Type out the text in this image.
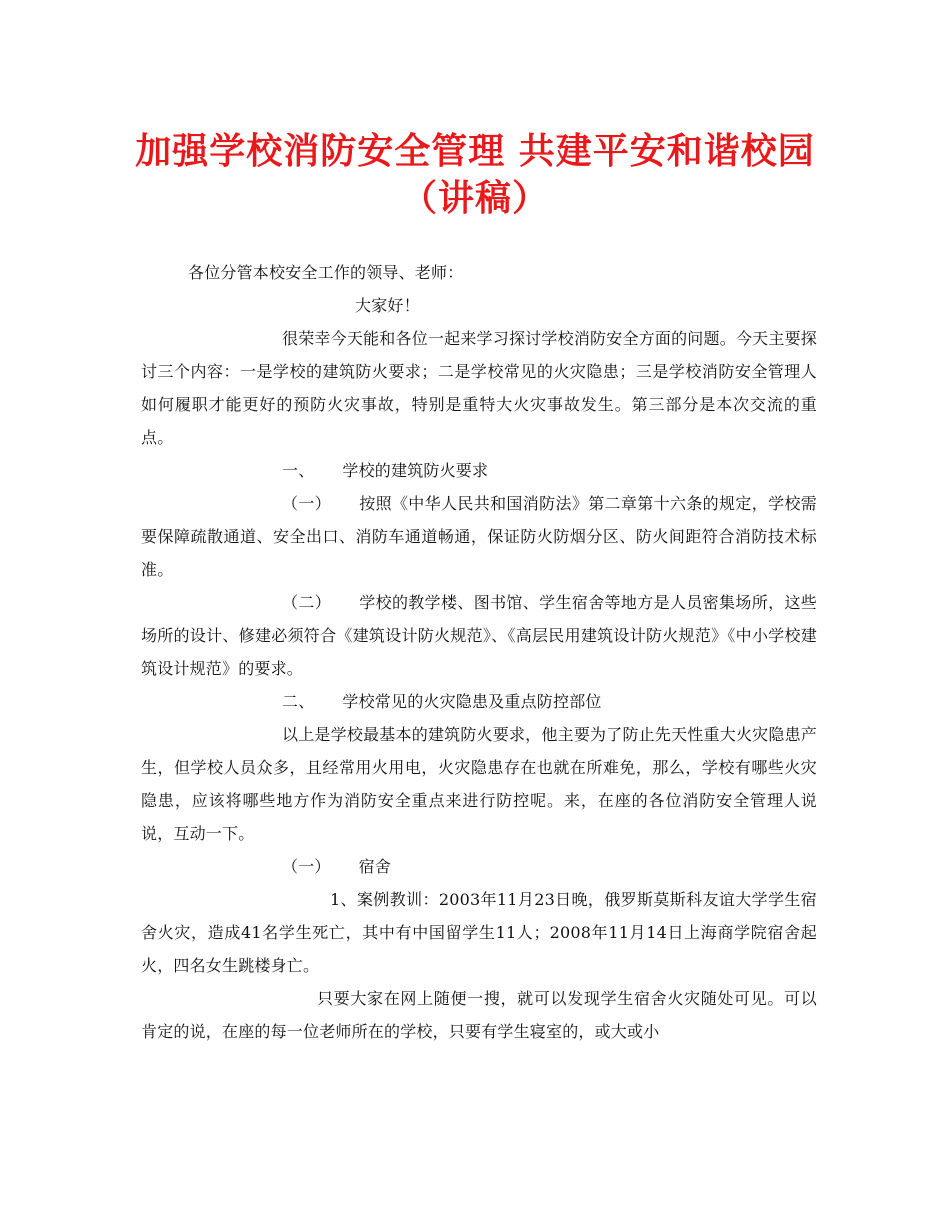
加强学校消防安全管理 共建平安和谐校园
（讲稿）

各位分管本校安全工作的领导、老师：

大家好！

很荣幸今天能和各位一起来学习探讨学校消防安全方面的问题。今天主要探讨三个内容：一是学校的建筑防火要求；二是学校常见的火灾隐患；三是学校消防安全管理人如何履职才能更好的预防火灾事故，特别是重特大火灾事故发生。第三部分是本次交流的重点。

一、 学校的建筑防火要求

（一） 按照《中华人民共和国消防法》第二章第十六条的规定，学校需要保障疏散通道、安全出口、消防车通道畅通，保证防火防烟分区、防火间距符合消防技术标准。

（二） 学校的教学楼、图书馆、学生宿舍等地方是人员密集场所，这些场所的设计、修建必须符合《建筑设计防火规范》、《高层民用建筑设计防火规范》《中小学校建筑设计规范》的要求。

二、 学校常见的火灾隐患及重点防控部位

以上是学校最基本的建筑防火要求，他主要为了防止先天性重大火灾隐患产生，但学校人员众多，且经常用火用电，火灾隐患存在也就在所难免，那么，学校有哪些火灾隐患，应该将哪些地方作为消防安全重点来进行防控呢。来，在座的各位消防安全管理人说说，互动一下。

（一） 宿舍

1、案例教训：2003年11月23日晚，俄罗斯莫斯科友谊大学学生宿舍火灾，造成41名学生死亡，其中有中国留学生11人；2008年11月14日上海商学院宿舍起火，四名女生跳楼身亡。

只要大家在网上随便一搜，就可以发现学生宿舍火灾随处可见。可以肯定的说，在座的每一位老师所在的学校，只要有学生寝室的，或大或小
